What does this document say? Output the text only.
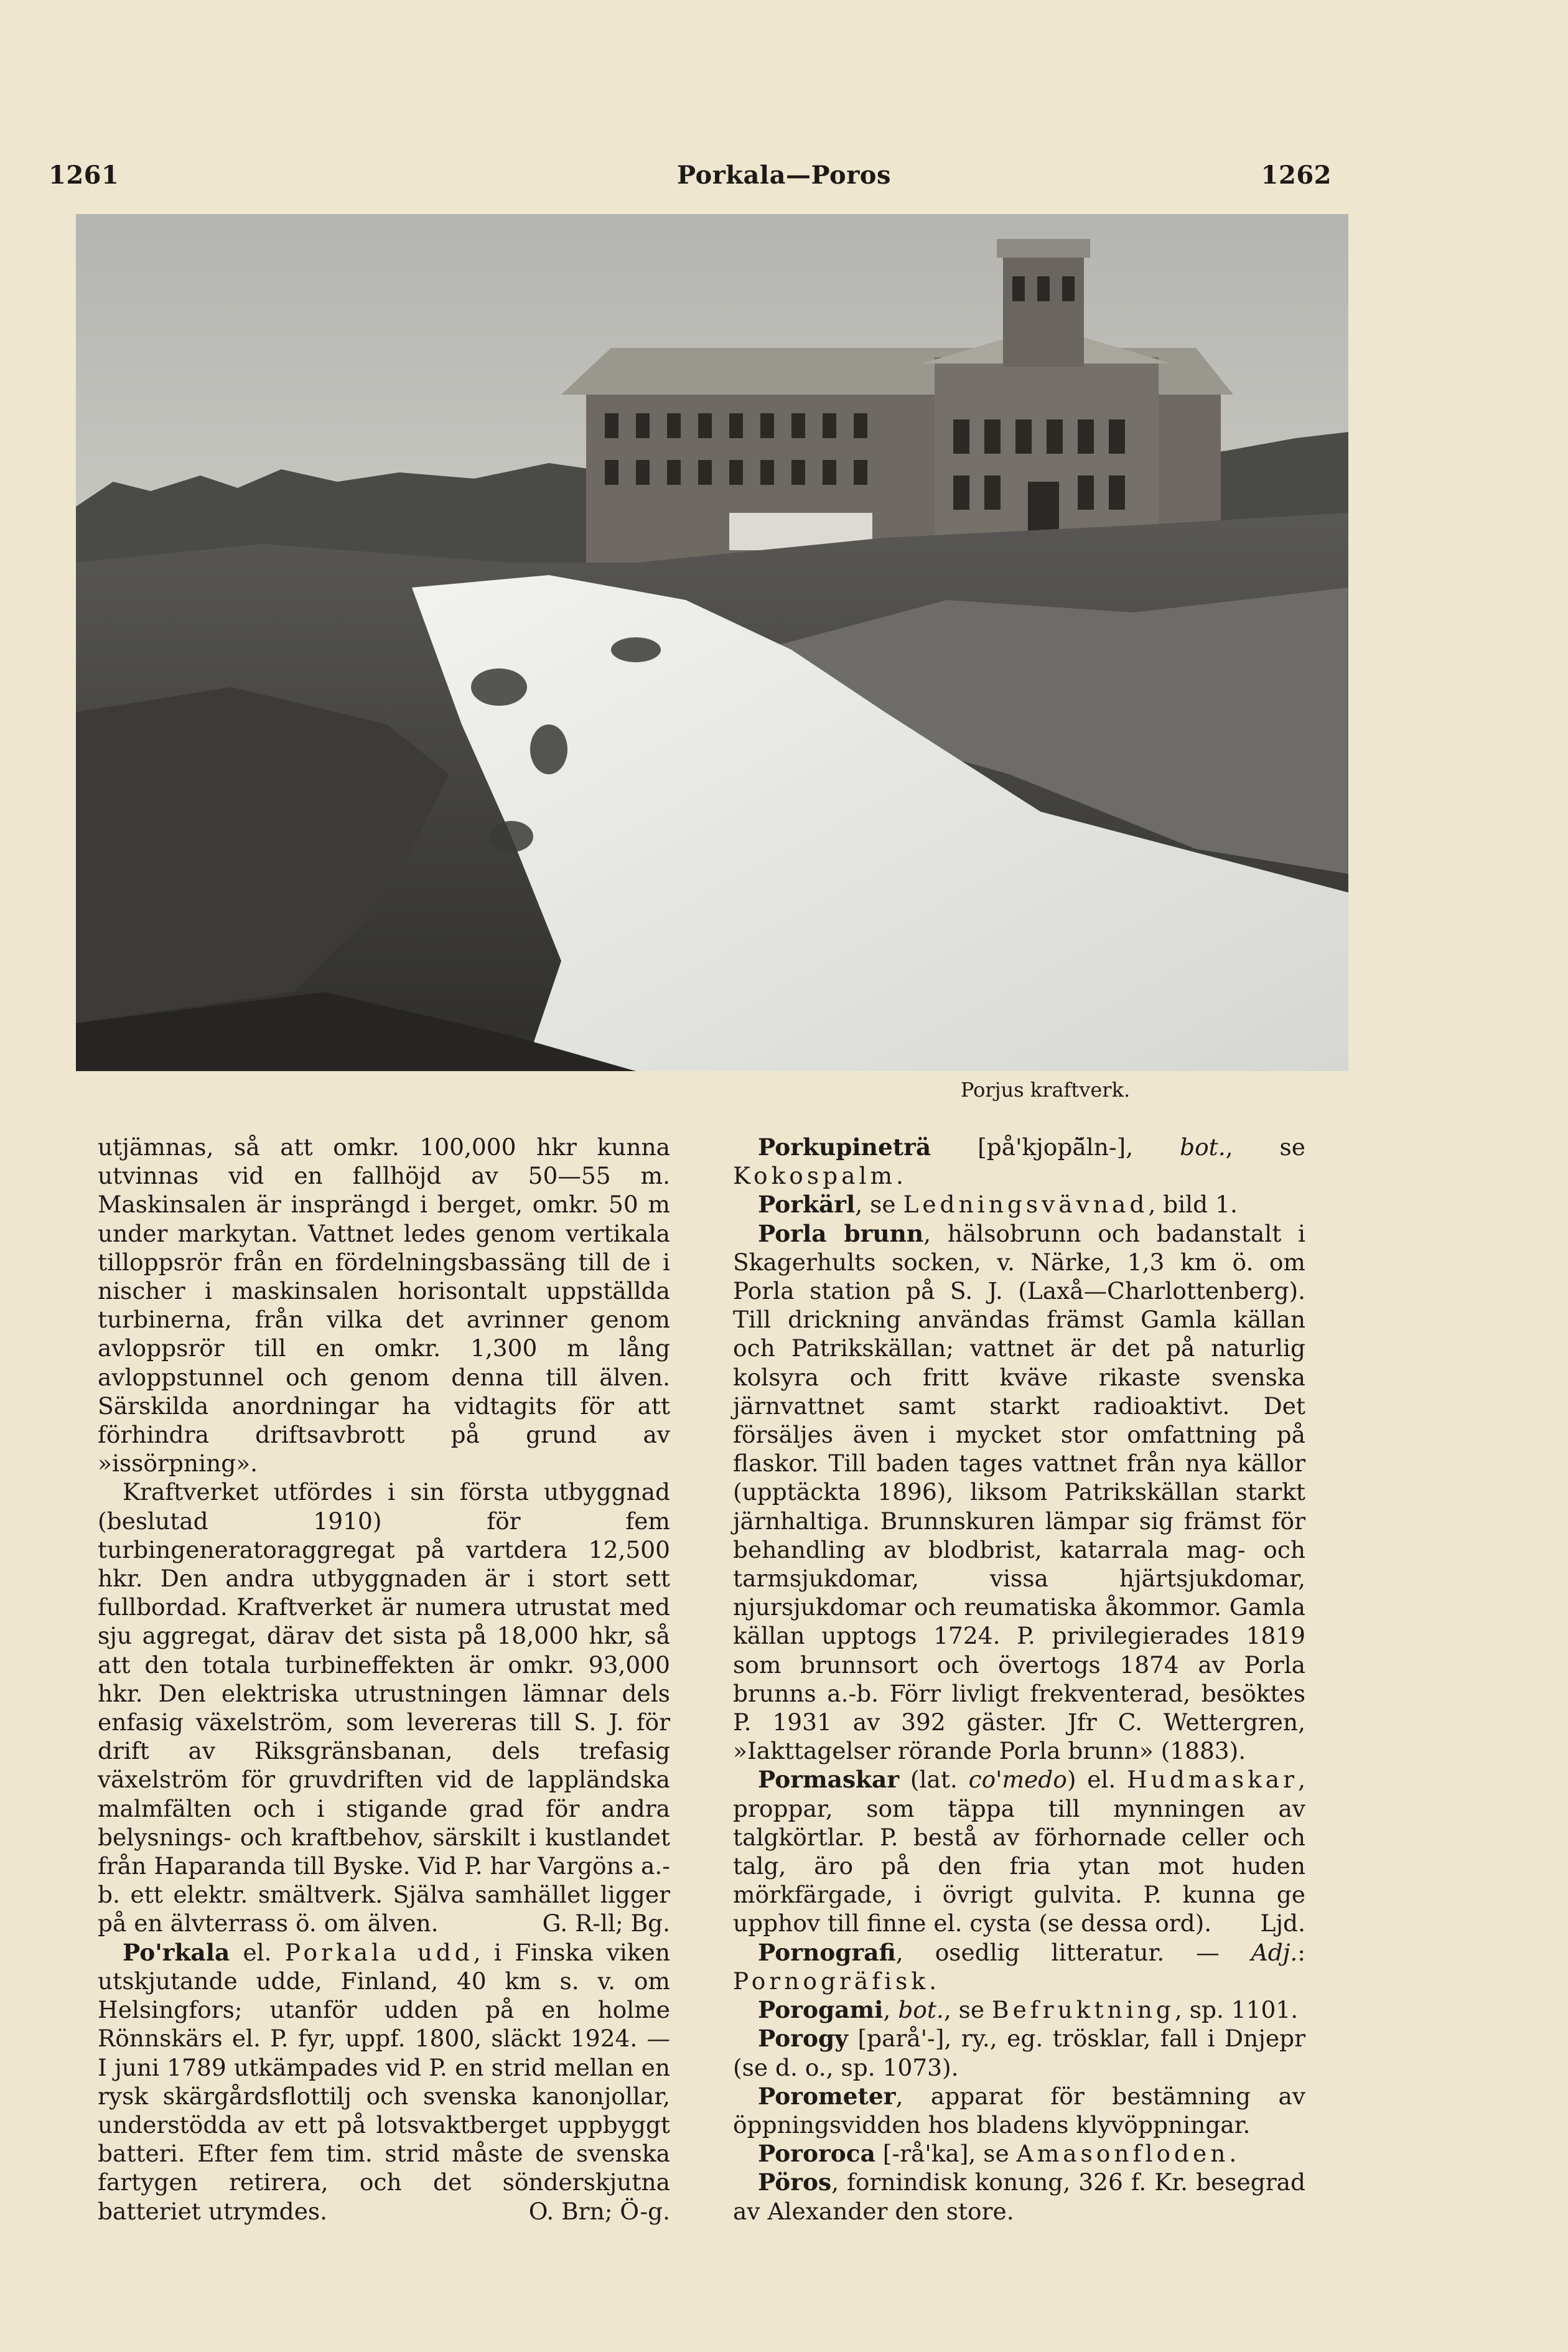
1261	Porkala—Poros	1262
Porjus kraftverk.

utjämnas, så att omkr. 100,000 hkr kunna utvinnas vid en fallhöjd av 50—55 m. Maskinsalen är insprängd i berget, omkr. 50 m under markytan. Vattnet ledes genom vertikala tilloppsrör från en fördelningsbassäng till de i nischer i maskinsalen horisontalt uppställda turbinerna, från vilka det avrinner genom avloppsrör till en omkr. 1,300 m lång avloppstunnel och genom denna till älven. Särskilda anordningar ha vidtagits för att förhindra driftsavbrott på grund av »issörpning».

Kraftverket utfördes i sin första utbyggnad (beslutad 1910) för fem turbingeneratoraggregat på vartdera 12,500 hkr. Den andra utbyggnaden är i stort sett fullbordad. Kraftverket är numera utrustat med sju aggregat, därav det sista på 18,000 hkr, så att den totala turbineffekten är omkr. 93,000 hkr. Den elektriska utrustningen lämnar dels enfasig växelström, som levereras till S. J. för drift av Riksgränsbanan, dels trefasig växelström för gruvdriften vid de lappländska malmfälten och i stigande grad för andra belysnings- och kraftbehov, särskilt i kustlandet från Haparanda till Byske. Vid P. har Vargöns a.-b. ett elektr. smältverk. Själva samhället ligger på en älvterrass ö. om älven.	G. R-ll; Bg.

Po'rkala el. Porkala udd, i Finska viken utskjutande udde, Finland, 40 km s. v. om Helsingfors; utanför udden på en holme Rönnskärs el. P. fyr, uppf. 1800, släckt 1924. — I juni 1789 utkämpades vid P. en strid mellan en rysk skärgårdsflottilj och svenska kanonjollar, understödda av ett på lotsvaktberget uppbyggt batteri. Efter fem tim. strid måste de svenska fartygen retirera, och det sönderskjutna batteriet utrymdes.	O. Brn; Ö-g.

Porkupineträ [på'kjopä̆ln-], bot., se Kokospalm.

Porkärl, se Ledningsvävnad, bild 1.

Porla brunn, hälsobrunn och badanstalt i Skagerhults socken, v. Närke, 1,3 km ö. om Porla station på S. J. (Laxå—Charlottenberg). Till drickning användas främst Gamla källan och Patrikskällan; vattnet är det på naturlig kolsyra och fritt kväve rikaste svenska järnvattnet samt starkt radioaktivt. Det försäljes även i mycket stor omfattning på flaskor. Till baden tages vattnet från nya källor (upptäckta 1896), liksom Patrikskällan starkt järnhaltiga. Brunnskuren lämpar sig främst för behandling av blodbrist, katarrala mag- och tarmsjukdomar, vissa hjärtsjukdomar, njursjukdomar och reumatiska åkommor. Gamla källan upptogs 1724. P. privilegierades 1819 som brunnsort och övertogs 1874 av Porla brunns a.-b. Förr livligt frekventerad, besöktes P. 1931 av 392 gäster. Jfr C. Wettergren, »Iakttagelser rörande Porla brunn» (1883).

Pormaskar (lat. co'medo) el. Hudmaskar, proppar, som täppa till mynningen av talgkörtlar. P. bestå av förhornade celler och talg, äro på den fria ytan mot huden mörkfärgade, i övrigt gulvita. P. kunna ge upphov till finne el. cysta (se dessa ord).	Ljd.

Pornografi, osedlig litteratur. — Adj.: Pornogräfisk.

Porogami, bot., se Befruktning, sp. 1101.

Porogy [parå'-], ry., eg. trösklar, fall i Dnjepr (se d. o., sp. 1073).

Porometer, apparat för bestämning av öppningsvidden hos bladens klyvöppningar.

Pororoca [-rå'ka], se Amasonfloden.

Pöros, fornindisk konung, 326 f. Kr. besegrad av Alexander den store.
